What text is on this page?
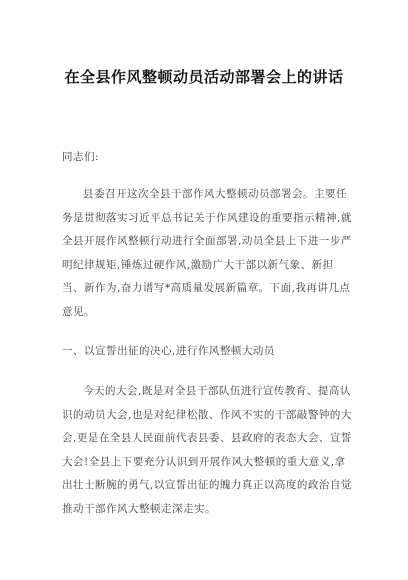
在全县作风整顿动员活动部署会上的讲话
同志们:
县委召开这次全县干部作风大整顿动员部署会。主要任务是贯彻落实习近平总书记关于作风建设的重要指示精神,就全县开展作风整顿行动进行全面部署,动员全县上下进一步严明纪律规矩,锤炼过硬作风,激励广大干部以新气象、新担当、新作为,奋力谱写*高质量发展新篇章。下面,我再讲几点意见。
一、以宣誓出征的决心,进行作风整顿大动员
今天的大会,既是对全县干部队伍进行宣传教育、提高认识的动员大会,也是对纪律松散、作风不实的干部敲警钟的大会,更是在全县人民面前代表县委、县政府的表态大会、宣誓大会!全县上下要充分认识到开展作风大整顿的重大意义,拿出壮士断腕的勇气,以宣誓出征的魄力真正以高度的政治自觉推动干部作风大整顿走深走实。
